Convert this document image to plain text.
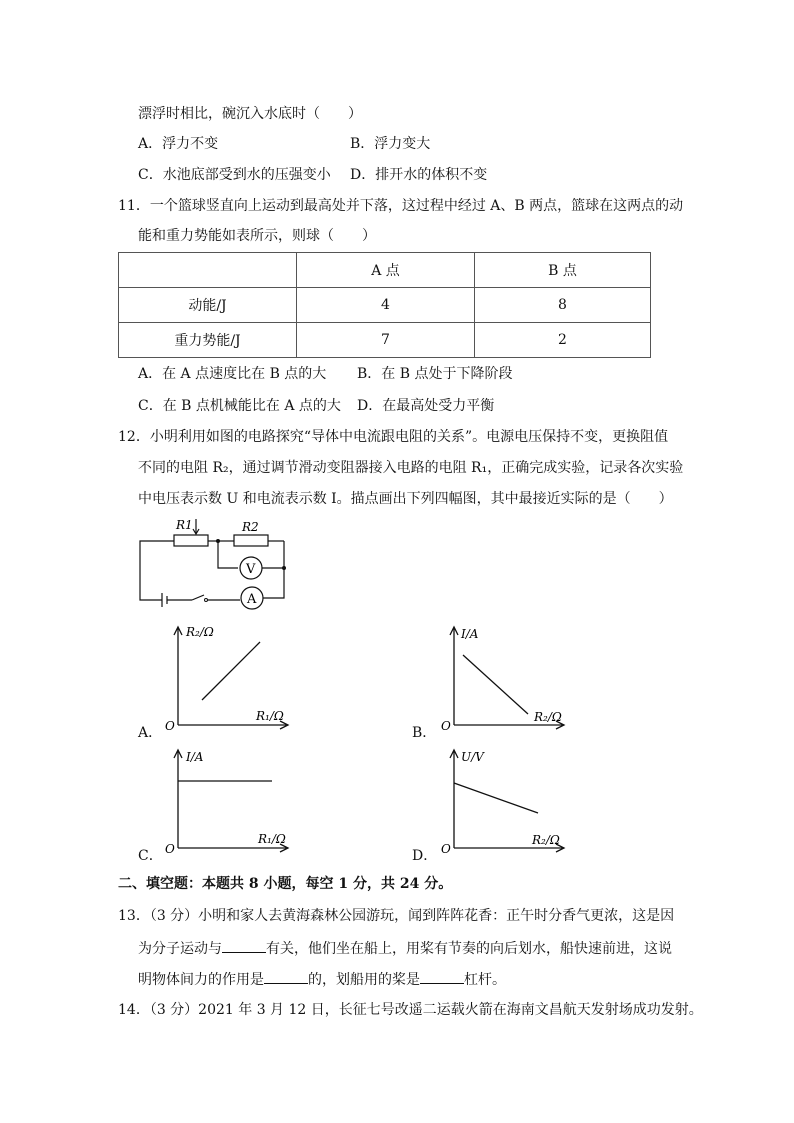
漂浮时相比，碗沉入水底时（　　）
A．浮力不变	B．浮力变大
C．水池底部受到水的压强变小 D．排开水的体积不变
11．一个篮球竖直向上运动到最高处并下落，这过程中经过 A、B 两点，篮球在这两点的动
能和重力势能如表所示，则球（　　）
	A 点	B 点
动能/J	4	8
重力势能/J	7	2
A．在 A 点速度比在 B 点的大 B．在 B 点处于下降阶段
C．在 B 点机械能比在 A 点的大 D．在最高处受力平衡
12．小明利用如图的电路探究“导体中电流跟电阻的关系”。电源电压保持不变，更换阻值
不同的电阻 R₂，通过调节滑动变阻器接入电路的电阻 R₁，正确完成实验，记录各次实验
中电压表示数 U 和电流表示数 I。描点画出下列四幅图，其中最接近实际的是（　　）
R1	R2
V
A
A．
R₂/Ω
R₁/Ω
O	B．
I/A
R₂/Ω
O
C．
I/A
R₁/Ω
O	D．
U/V
R₂/Ω
O
二、填空题：本题共 8 小题，每空 1 分，共 24 分。
13．（3 分）小明和家人去黄海森林公园游玩，闻到阵阵花香：正午时分香气更浓，这是因
为分子运动与	有关，他们坐在船上，用桨有节奏的向后划水，船快速前进，这说
明物体间力的作用是	的，划船用的桨是	杠杆。
14．（3 分）2021 年 3 月 12 日，长征七号改遥二运载火箭在海南文昌航天发射场成功发射。
